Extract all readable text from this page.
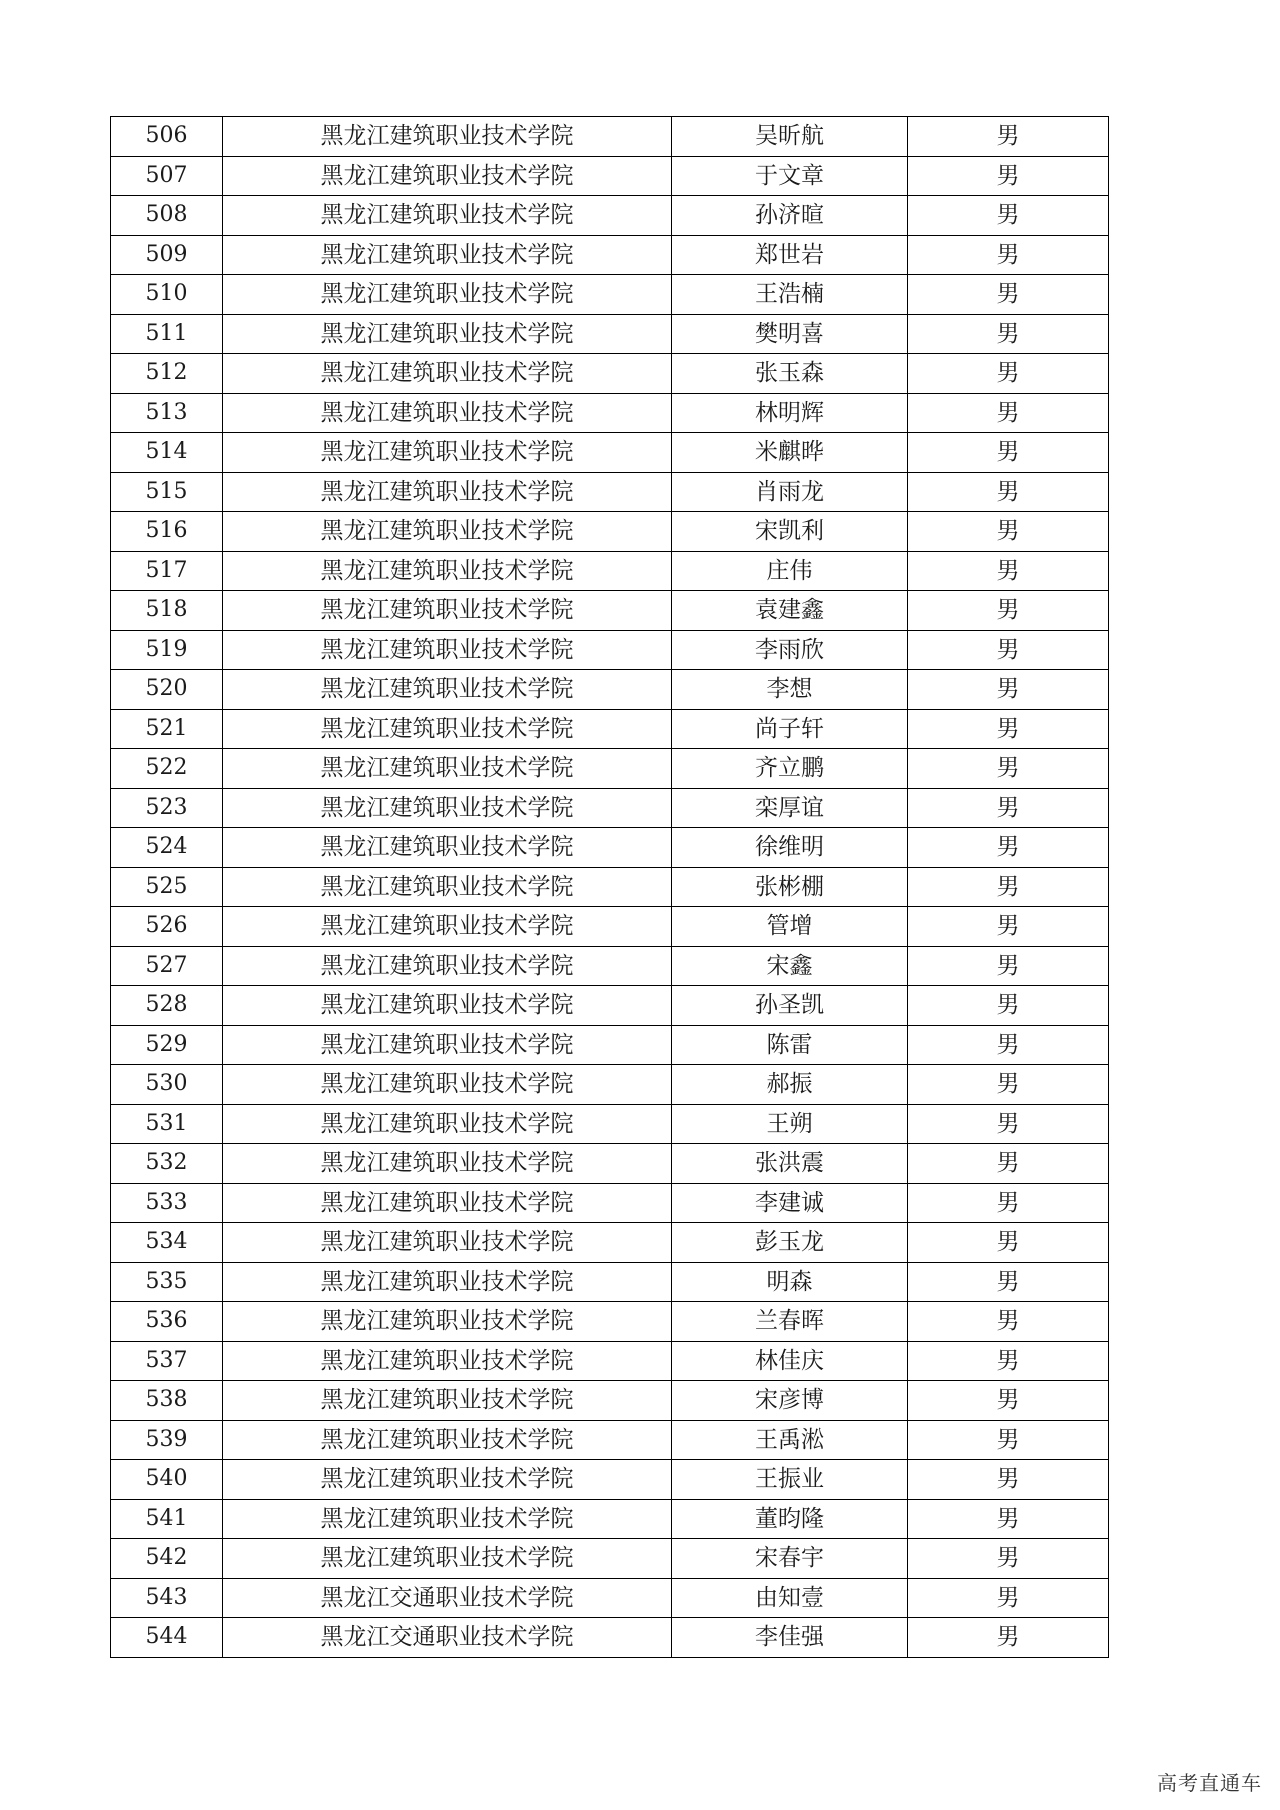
506	黑龙江建筑职业技术学院	吴昕航	男
507	黑龙江建筑职业技术学院	于文章	男
508	黑龙江建筑职业技术学院	孙济暄	男
509	黑龙江建筑职业技术学院	郑世岩	男
510	黑龙江建筑职业技术学院	王浩楠	男
511	黑龙江建筑职业技术学院	樊明喜	男
512	黑龙江建筑职业技术学院	张玉森	男
513	黑龙江建筑职业技术学院	林明辉	男
514	黑龙江建筑职业技术学院	米麒晔	男
515	黑龙江建筑职业技术学院	肖雨龙	男
516	黑龙江建筑职业技术学院	宋凯利	男
517	黑龙江建筑职业技术学院	庄伟	男
518	黑龙江建筑职业技术学院	袁建鑫	男
519	黑龙江建筑职业技术学院	李雨欣	男
520	黑龙江建筑职业技术学院	李想	男
521	黑龙江建筑职业技术学院	尚子轩	男
522	黑龙江建筑职业技术学院	齐立鹏	男
523	黑龙江建筑职业技术学院	栾厚谊	男
524	黑龙江建筑职业技术学院	徐维明	男
525	黑龙江建筑职业技术学院	张彬棚	男
526	黑龙江建筑职业技术学院	管增	男
527	黑龙江建筑职业技术学院	宋鑫	男
528	黑龙江建筑职业技术学院	孙圣凯	男
529	黑龙江建筑职业技术学院	陈雷	男
530	黑龙江建筑职业技术学院	郝振	男
531	黑龙江建筑职业技术学院	王朔	男
532	黑龙江建筑职业技术学院	张洪震	男
533	黑龙江建筑职业技术学院	李建诚	男
534	黑龙江建筑职业技术学院	彭玉龙	男
535	黑龙江建筑职业技术学院	明森	男
536	黑龙江建筑职业技术学院	兰春晖	男
537	黑龙江建筑职业技术学院	林佳庆	男
538	黑龙江建筑职业技术学院	宋彦博	男
539	黑龙江建筑职业技术学院	王禹淞	男
540	黑龙江建筑职业技术学院	王振业	男
541	黑龙江建筑职业技术学院	董昀隆	男
542	黑龙江建筑职业技术学院	宋春宇	男
543	黑龙江交通职业技术学院	由知壹	男
544	黑龙江交通职业技术学院	李佳强	男
高考直通车
